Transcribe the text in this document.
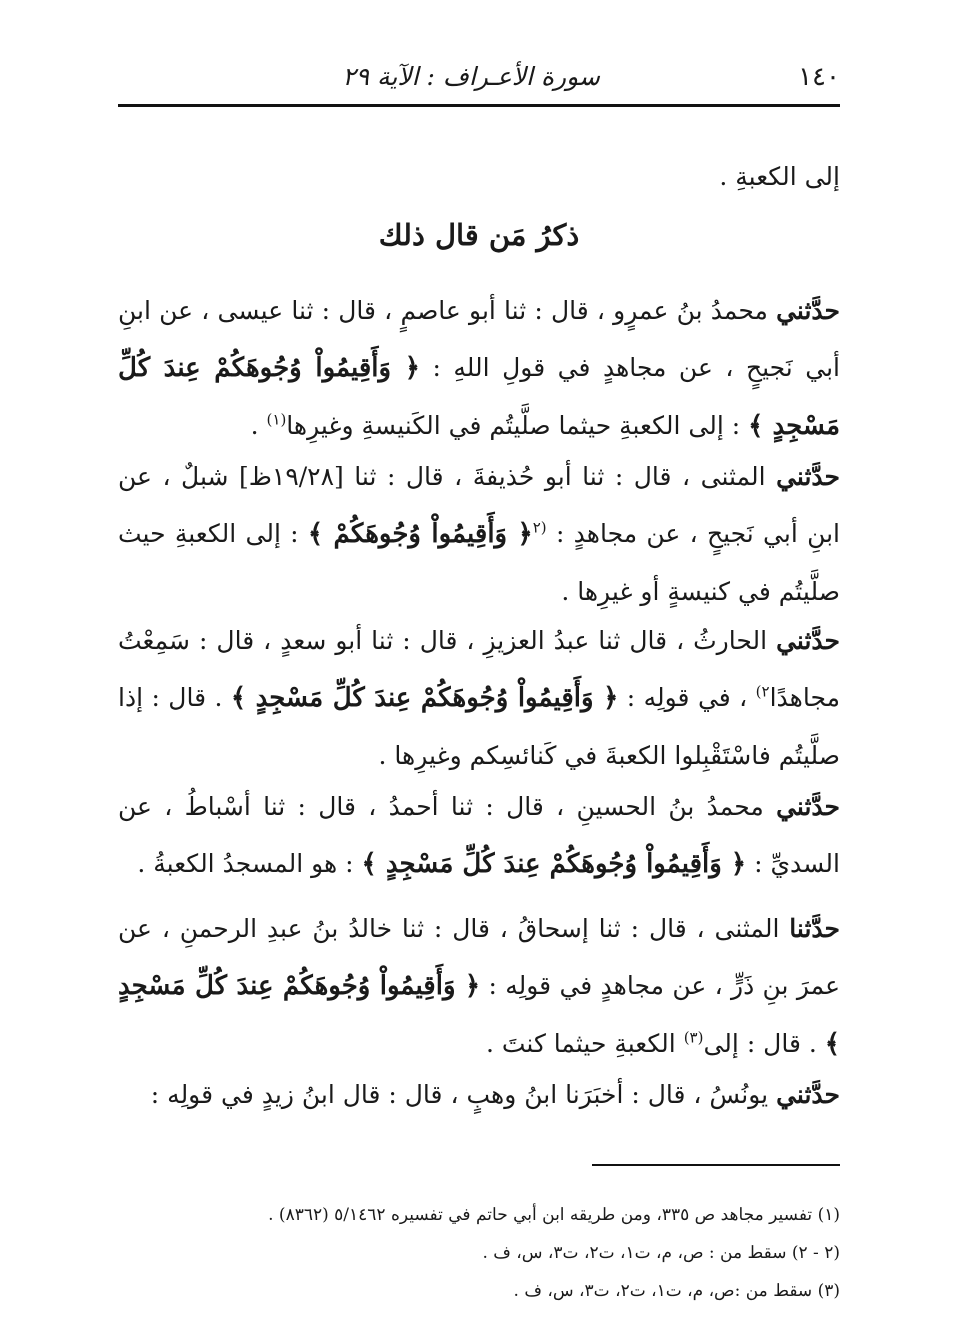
١٤٠
سورة الأعـراف : الآية ٢٩
إلى الكعبةِ .
ذكرُ مَن قال ذلك
حدَّثني محمدُ بنُ عمرٍو ، قال : ثنا أبو عاصمٍ ، قال : ثنا عيسى ، عن ابنِ أبي نَجيحٍ ، عن مجاهدٍ في قولِ اللهِ : ﴿ وَأَقِيمُواْ وُجُوهَكُمْ عِندَ كُلِّ مَسْجِدٍ ﴾ : إلى الكعبةِ حيثما صلَّيتُم في الكَنيسةِ وغيرِها$^{(١)}$ .
حدَّثني المثنى ، قال : ثنا أبو حُذيفةَ ، قال : ثنا [١٩/٢٨ظ] شبلٌ ، عن ابنِ أبي نَجيحٍ ، عن مجاهدٍ : $^{(٢}$﴿ وَأَقِيمُواْ وُجُوهَكُمْ ﴾ : إلى الكعبةِ حيث صلَّيتُم في كنيسةٍ أو غيرِها .
حدَّثني الحارثُ ، قال ثنا عبدُ العزيزِ ، قال : ثنا أبو سعدٍ ، قال : سَمِعْتُ مجاهدًا$^{٢)}$ ، في قولِه : ﴿ وَأَقِيمُواْ وُجُوهَكُمْ عِندَ كُلِّ مَسْجِدٍ ﴾ . قال : إذا صلَّيتُم فاسْتَقْبِلوا الكعبةَ في كَنائسِكم وغيرِها .
حدَّثني محمدُ بنُ الحسينِ ، قال : ثنا أحمدُ ، قال : ثنا أسْباطُ ، عن السديِّ : ﴿ وَأَقِيمُواْ وُجُوهَكُمْ عِندَ كُلِّ مَسْجِدٍ ﴾ : هو المسجدُ الكعبةُ .
حدَّثنا المثنى ، قال : ثنا إسحاقُ ، قال : ثنا خالدُ بنُ عبدِ الرحمنِ ، عن عمرَ بنِ ذَرٍّ ، عن مجاهدٍ في قولِه : ﴿ وَأَقِيمُواْ وُجُوهَكُمْ عِندَ كُلِّ مَسْجِدٍ ﴾ . قال : إلى$^{(٣)}$ الكعبةِ حيثما كنتَ .
حدَّثني يونُسُ ، قال : أخبَرَنا ابنُ وهبٍ ، قال : قال ابنُ زيدٍ في قولِه :
(١) تفسير مجاهد ص ٣٣٥، ومن طريقه ابن أبي حاتم في تفسيره ٥/١٤٦٢ (٨٣٦٢) .
(٢ - ٢) سقط من : ص، م، ت١، ت٢، ت٣، س، ف .
(٣) سقط من :ص، م، ت١، ت٢، ت٣، س، ف .
